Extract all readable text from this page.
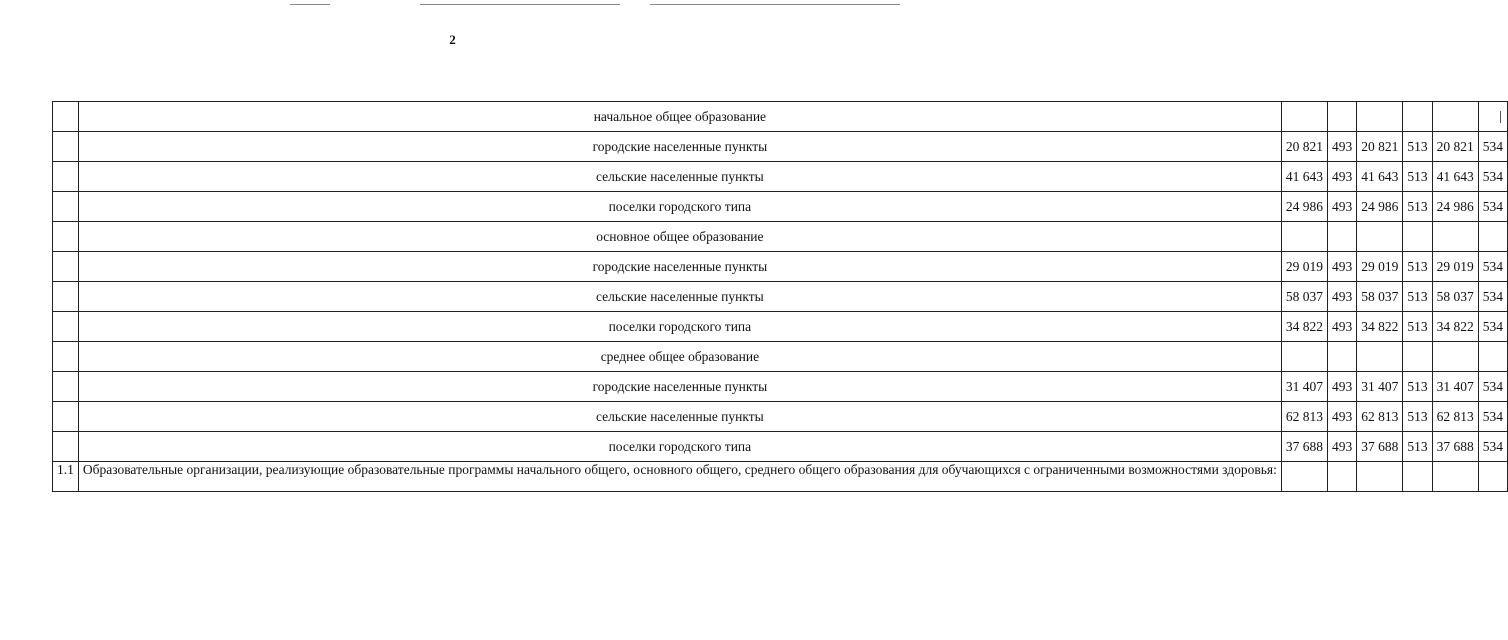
2
	начальное общее образование						

	городские населенные пункты	20 821	493	20 821	513	20 821	534
	сельские населенные пункты	41 643	493	41 643	513	41 643	534
	поселки городского типа	24 986	493	24 986	513	24 986	534
	основное общее образование						
	городские населенные пункты	29 019	493	29 019	513	29 019	534
	сельские населенные пункты	58 037	493	58 037	513	58 037	534
	поселки городского типа	34 822	493	34 822	513	34 822	534
	среднее общее образование						
	городские населенные пункты	31 407	493	31 407	513	31 407	534
	сельские населенные пункты	62 813	493	62 813	513	62 813	534
	поселки городского типа	37 688	493	37 688	513	37 688	534
1.1	Образовательные организации, реализующие образовательные программы начального общего, основного общего, среднего общего образования для обучающихся с ограниченными возможностями здоровья:						
